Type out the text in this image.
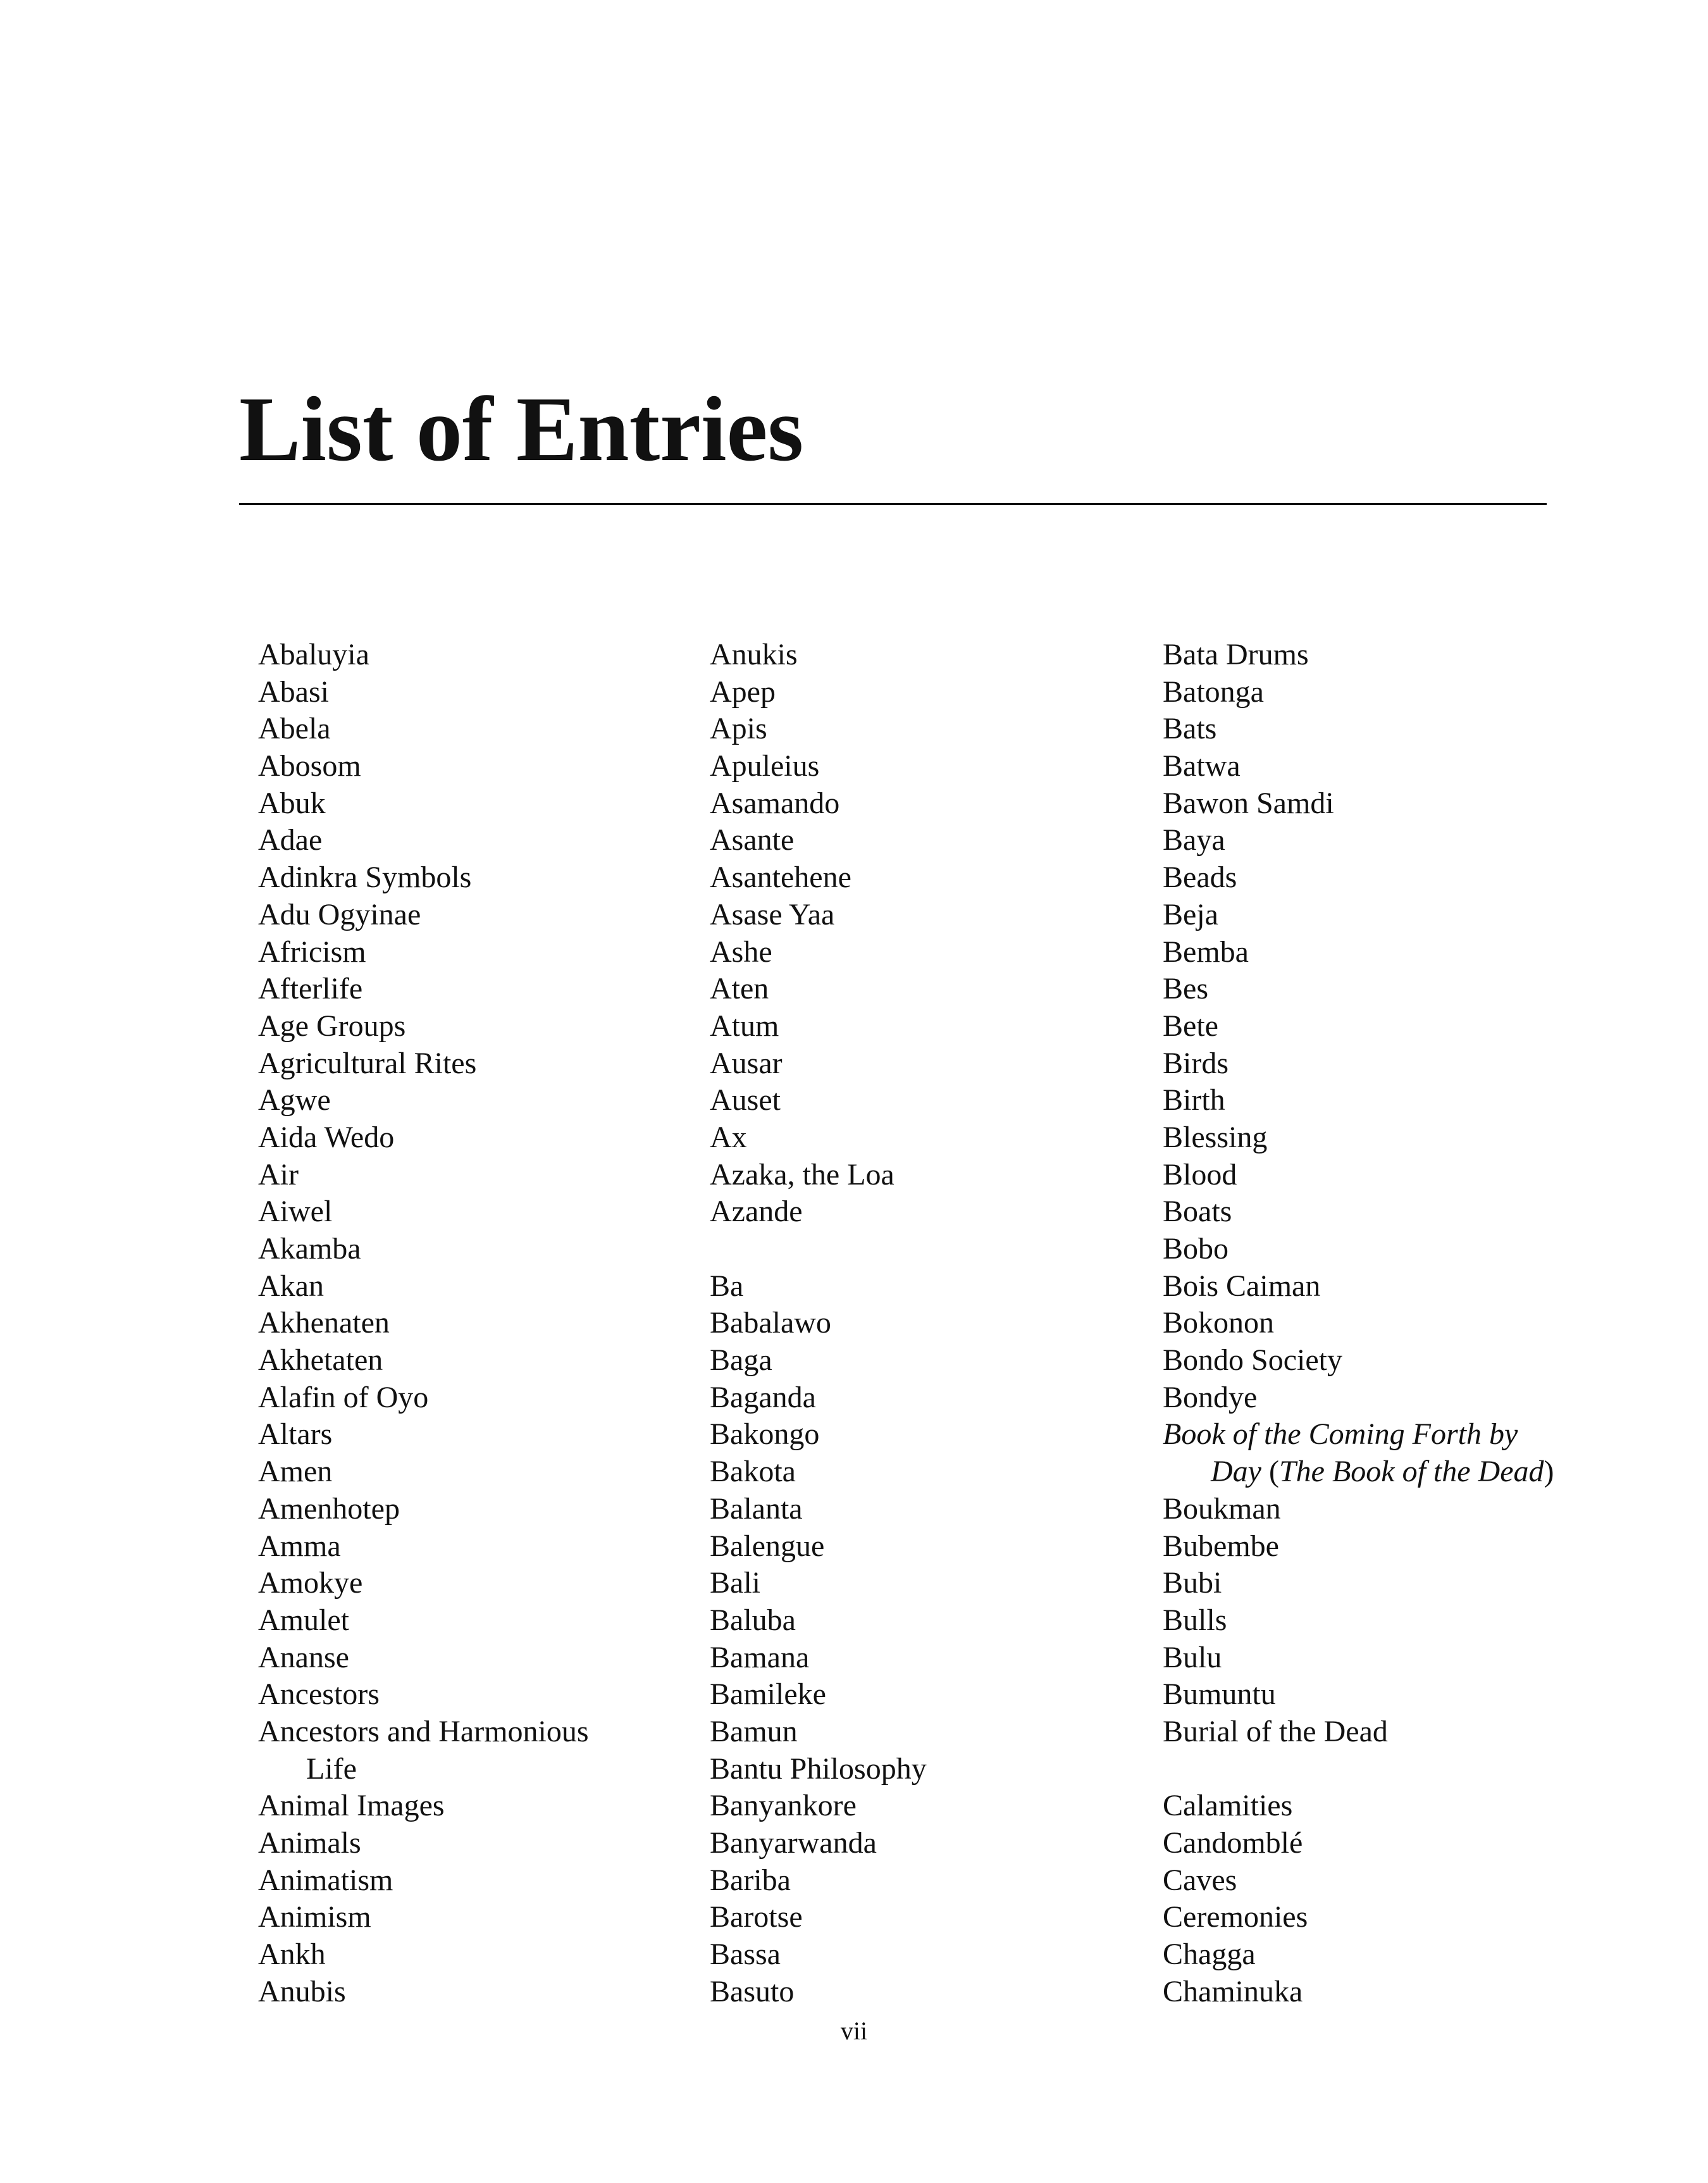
List of Entries
Abaluyia
Abasi
Abela
Abosom
Abuk
Adae
Adinkra Symbols
Adu Ogyinae
Africism
Afterlife
Age Groups
Agricultural Rites
Agwe
Aida Wedo
Air
Aiwel
Akamba
Akan
Akhenaten
Akhetaten
Alafin of Oyo
Altars
Amen
Amenhotep
Amma
Amokye
Amulet
Ananse
Ancestors
Ancestors and Harmonious
Life
Animal Images
Animals
Animatism
Animism
Ankh
Anubis
Anukis
Apep
Apis
Apuleius
Asamando
Asante
Asantehene
Asase Yaa
Ashe
Aten
Atum
Ausar
Auset
Ax
Azaka, the Loa
Azande
Ba
Babalawo
Baga
Baganda
Bakongo
Bakota
Balanta
Balengue
Bali
Baluba
Bamana
Bamileke
Bamun
Bantu Philosophy
Banyankore
Banyarwanda
Bariba
Barotse
Bassa
Basuto
Bata Drums
Batonga
Bats
Batwa
Bawon Samdi
Baya
Beads
Beja
Bemba
Bes
Bete
Birds
Birth
Blessing
Blood
Boats
Bobo
Bois Caiman
Bokonon
Bondo Society
Bondye
Book of the Coming Forth by
Day (The Book of the Dead)
Boukman
Bubembe
Bubi
Bulls
Bulu
Bumuntu
Burial of the Dead
Calamities
Candomblé
Caves
Ceremonies
Chagga
Chaminuka
vii
